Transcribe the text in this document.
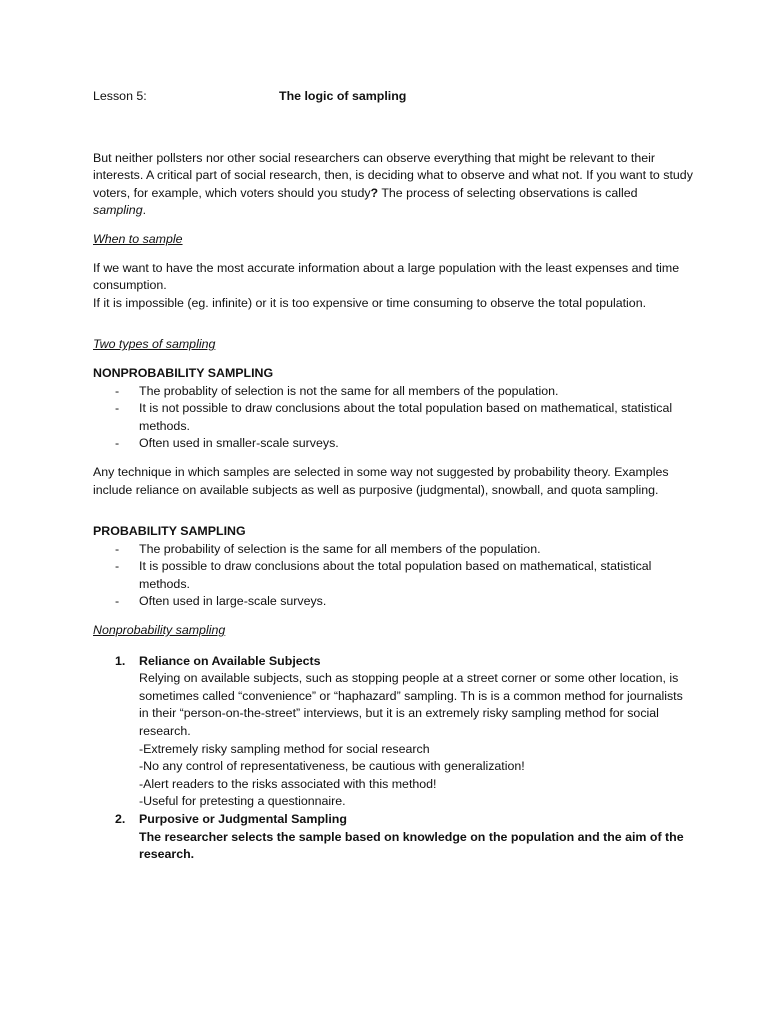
Lesson 5:	The logic of sampling

But neither pollsters nor other social researchers can observe everything that might be relevant to their interests. A critical part of social research, then, is deciding what to observe and what not. If you want to study voters, for example, which voters should you study? The process of selecting observations is called sampling.

When to sample

If we want to have the most accurate information about a large population with the least expenses and time consumption.

If it is impossible (eg. infinite) or it is too expensive or time consuming to observe the total population.

Two types of sampling

NONPROBABILITY SAMPLING

- The probablity of selection is not the same for all members of the population.
- It is not possible to draw conclusions about the total population based on mathematical, statistical methods.
- Often used in smaller-scale surveys.

Any technique in which samples are selected in some way not suggested by probability theory. Examples include reliance on available subjects as well as purposive (judgmental), snowball, and quota sampling.

PROBABILITY SAMPLING

- The probability of selection is the same for all members of the population.
- It is possible to draw conclusions about the total population based on mathematical, statistical methods.
- Often used in large-scale surveys.

Nonprobability sampling

1. Reliance on Available Subjects
Relying on available subjects, such as stopping people at a street corner or some other location, is sometimes called “convenience” or “haphazard” sampling. Th is is a common method for journalists in their “person-on-the-street” interviews, but it is an extremely risky sampling method for social research.
-Extremely risky sampling method for social research
-No any control of representativeness, be cautious with generalization!
-Alert readers to the risks associated with this method!
-Useful for pretesting a questionnaire.
2. Purposive or Judgmental Sampling
The researcher selects the sample based on knowledge on the population and the aim of the research.
